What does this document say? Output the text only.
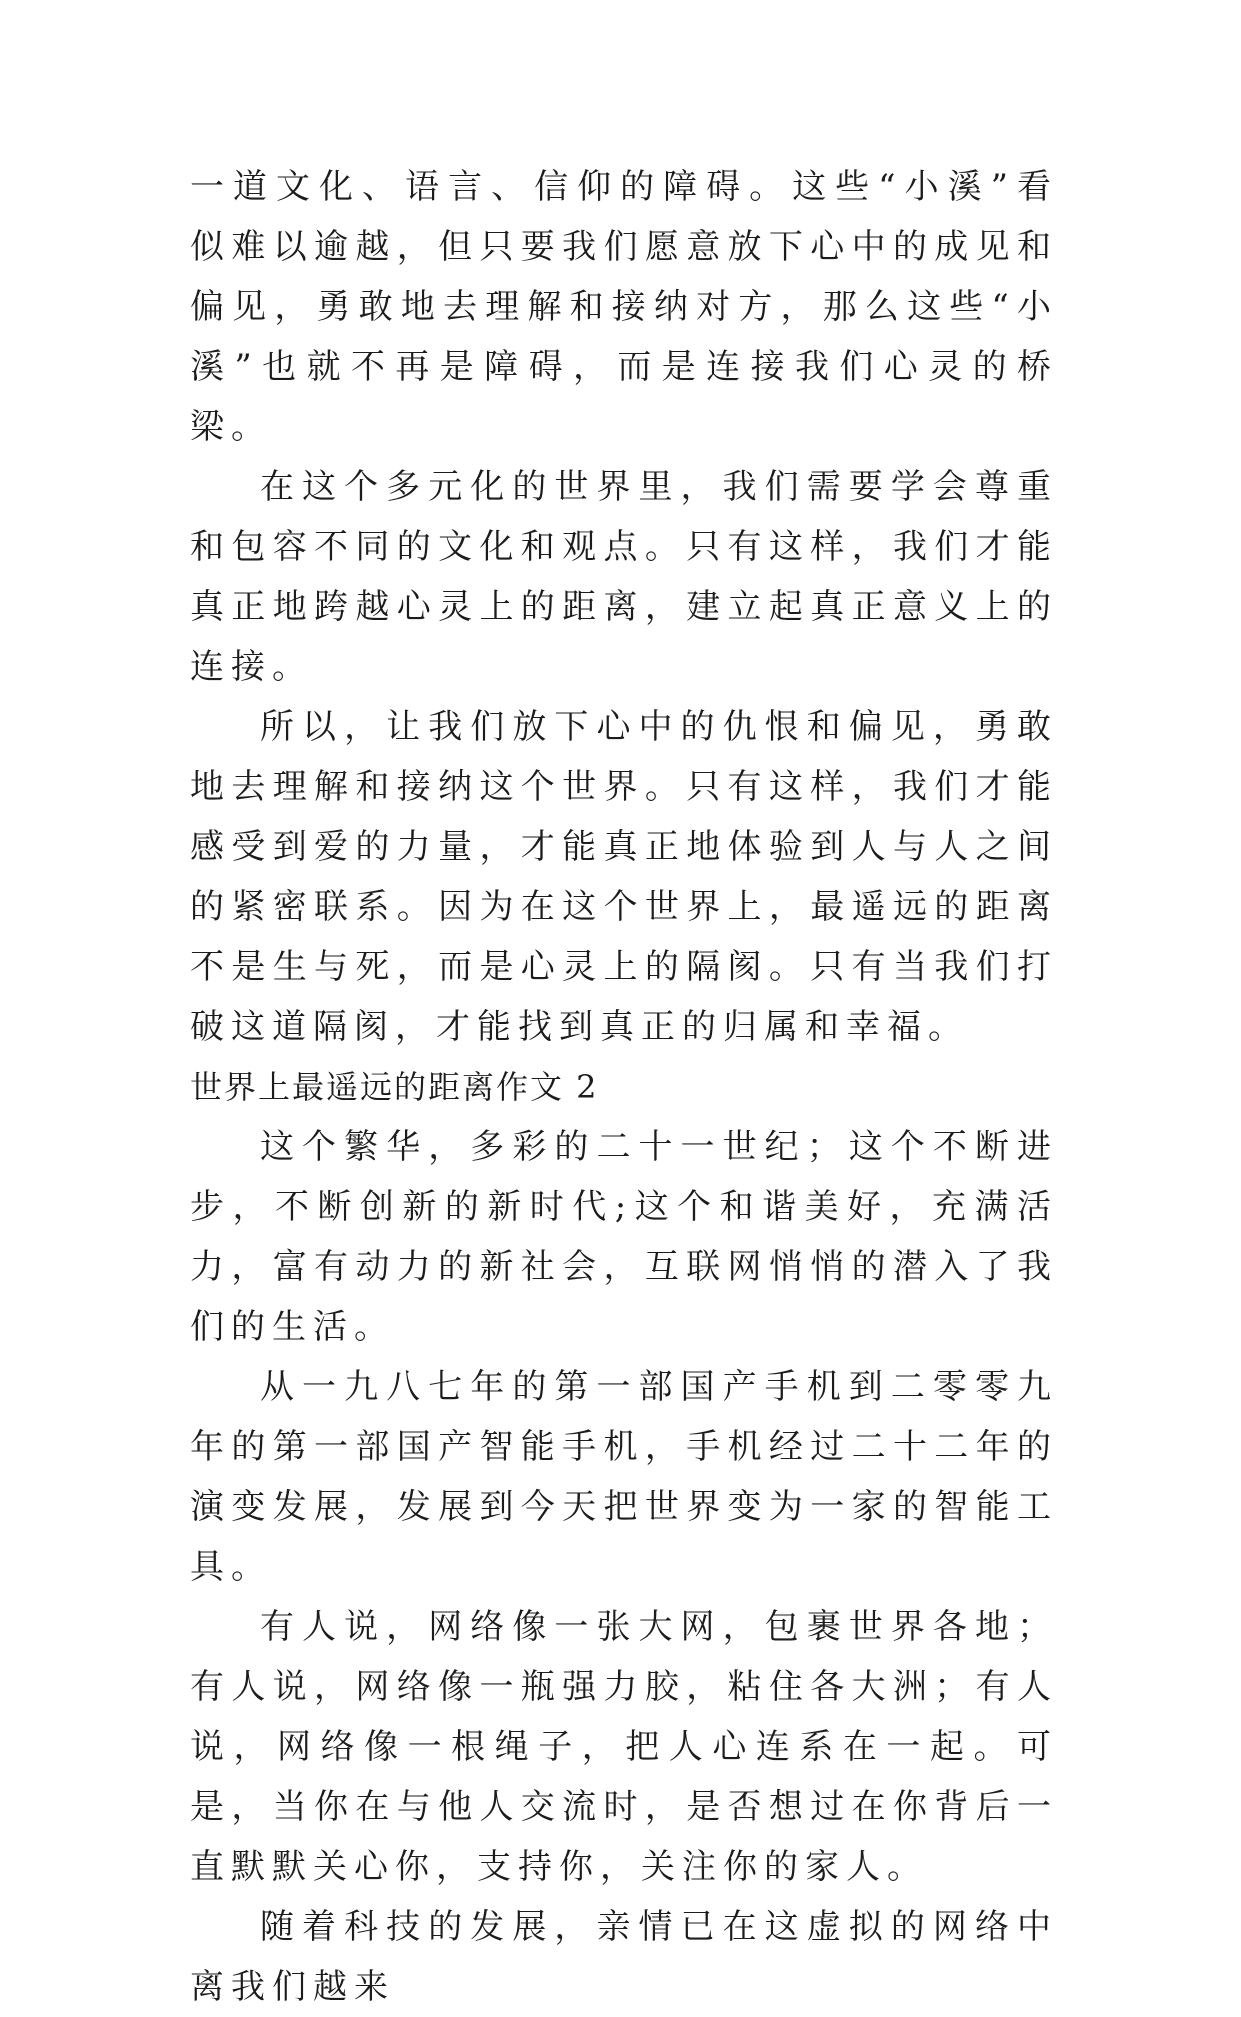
一道文化、语言、信仰的障碍。这些“小溪”看似难以逾越，但只要我们愿意放下心中的成见和偏见，勇敢地去理解和接纳对方，那么这些“小溪”也就不再是障碍，而是连接我们心灵的桥梁。

在这个多元化的世界里，我们需要学会尊重和包容不同的文化和观点。只有这样，我们才能真正地跨越心灵上的距离，建立起真正意义上的连接。

所以，让我们放下心中的仇恨和偏见，勇敢地去理解和接纳这个世界。只有这样，我们才能感受到爱的力量，才能真正地体验到人与人之间的紧密联系。因为在这个世界上，最遥远的距离不是生与死，而是心灵上的隔阂。只有当我们打破这道隔阂，才能找到真正的归属和幸福。

世界上最遥远的距离作文 2

这个繁华，多彩的二十一世纪；这个不断进步，不断创新的新时代;这个和谐美好，充满活力，富有动力的新社会，互联网悄悄的潜入了我们的生活。

从一九八七年的第一部国产手机到二零零九年的第一部国产智能手机，手机经过二十二年的演变发展，发展到今天把世界变为一家的智能工具。

有人说，网络像一张大网，包裹世界各地；有人说，网络像一瓶强力胶，粘住各大洲；有人说，网络像一根绳子，把人心连系在一起。可是，当你在与他人交流时，是否想过在你背后一直默默关心你，支持你，关注你的家人。

随着科技的发展，亲情已在这虚拟的网络中离我们越来
